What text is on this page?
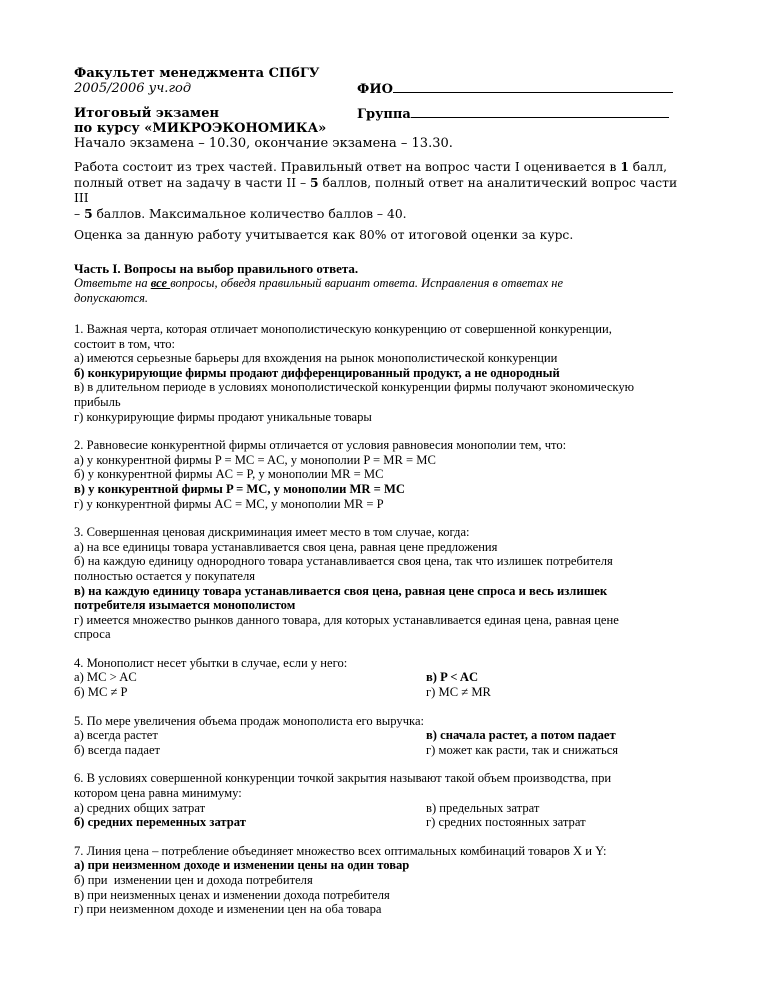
Факультет менеджмента СПбГУ
2005/2006 уч.год	ФИО
Итоговый экзамен	Группа
по курсу «МИКРОЭКОНОМИКА»
Начало экзамена – 10.30, окончание экзамена – 13.30.
Работа состоит из трех частей. Правильный ответ на вопрос части I оценивается в 1 балл,
полный ответ на задачу в части II – 5 баллов, полный ответ на аналитический вопрос части III
– 5 баллов. Максимальное количество баллов – 40.
Оценка за данную работу учитывается как 80% от итоговой оценки за курс.
Часть I. Вопросы на выбор правильного ответа.
Ответьте на все вопросы, обведя правильный вариант ответа. Исправления в ответах не
допускаются.
1. Важная черта, которая отличает монополистическую конкуренцию от совершенной конкуренции,
состоит в том, что:
а) имеются серьезные барьеры для вхождения на рынок монополистической конкуренции
б) конкурирующие фирмы продают дифференцированный продукт, а не однородный
в) в длительном периоде в условиях монополистической конкуренции фирмы получают экономическую
прибыль
г) конкурирующие фирмы продают уникальные товары
2. Равновесие конкурентной фирмы отличается от условия равновесия монополии тем, что:
а) у конкурентной фирмы P = MC = AC, у монополии P = MR = MC
б) у конкурентной фирмы AC = P, у монополии MR = MC
в) у конкурентной фирмы P = MC, у монополии MR = MC
г) у конкурентной фирмы AC = MC, у монополии MR = P
3. Совершенная ценовая дискриминация имеет место в том случае, когда:
а) на все единицы товара устанавливается своя цена, равная цене предложения
б) на каждую единицу однородного товара устанавливается своя цена, так что излишек потребителя
полностью остается у покупателя
в) на каждую единицу товара устанавливается своя цена, равная цене спроса и весь излишек
потребителя изымается монополистом
г) имеется множество рынков данного товара, для которых устанавливается единая цена, равная цене
спроса
4. Монополист несет убытки в случае, если у него:
а) MC > AC	в) P < AC
б) MC ≠ P	г) MC ≠ MR
5. По мере увеличения объема продаж монополиста его выручка:
а) всегда растет	в) сначала растет, а потом падает
б) всегда падает	г) может как расти, так и снижаться
6. В условиях совершенной конкуренции точкой закрытия называют такой объем производства, при
котором цена равна минимуму:
а) средних общих затрат	в) предельных затрат
б) средних переменных затрат	г) средних постоянных затрат
7. Линия цена – потребление объединяет множество всех оптимальных комбинаций товаров X и Y:
а) при неизменном доходе и изменении цены на один товар
б) при  изменении цен и дохода потребителя
в) при неизменных ценах и изменении дохода потребителя
г) при неизменном доходе и изменении цен на оба товара
